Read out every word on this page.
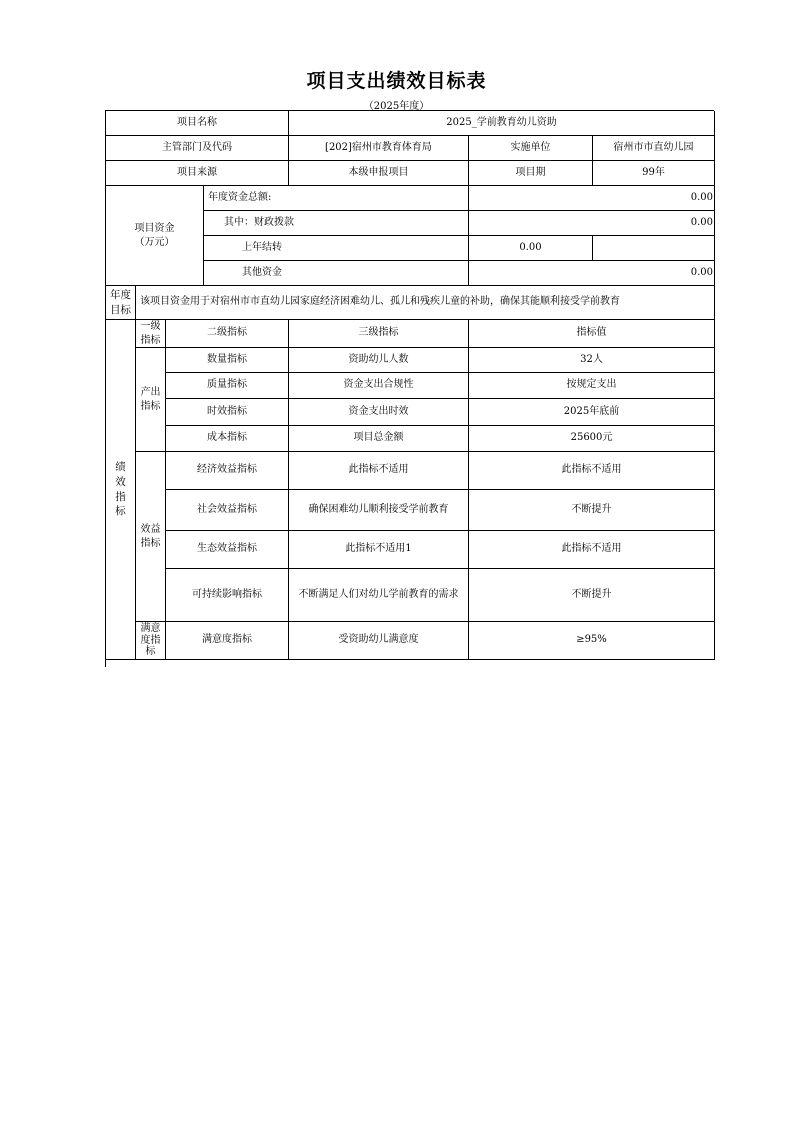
项目支出绩效目标表
（2025年度）
项目名称	2025_学前教育幼儿资助
主管部门及代码	[202]宿州市教育体育局	实施单位	宿州市市直幼儿园
项目来源	本级申报项目	项目期	99年
项目资金
（万元）
年度资金总额:	0.00
其中：财政拨款	0.00
上年结转	0.00
其他资金	0.00
年度
目标
该项目资金用于对宿州市市直幼儿园家庭经济困难幼儿、孤儿和残疾儿童的补助，确保其能顺利接受学前教育
绩
效
指
标
一级
指标
二级指标	三级指标	指标值
产出
指标
数量指标	资助幼儿人数	32人
质量指标	资金支出合规性	按规定支出
时效指标	资金支出时效	2025年底前
成本指标	项目总金额	25600元
效益
指标
经济效益指标	此指标不适用	此指标不适用
社会效益指标	确保困难幼儿顺利接受学前教育	不断提升
生态效益指标	此指标不适用1	此指标不适用
可持续影响指标	不断满足人们对幼儿学前教育的需求	不断提升
满意
度指
标
满意度指标	受资助幼儿满意度	≥95%
